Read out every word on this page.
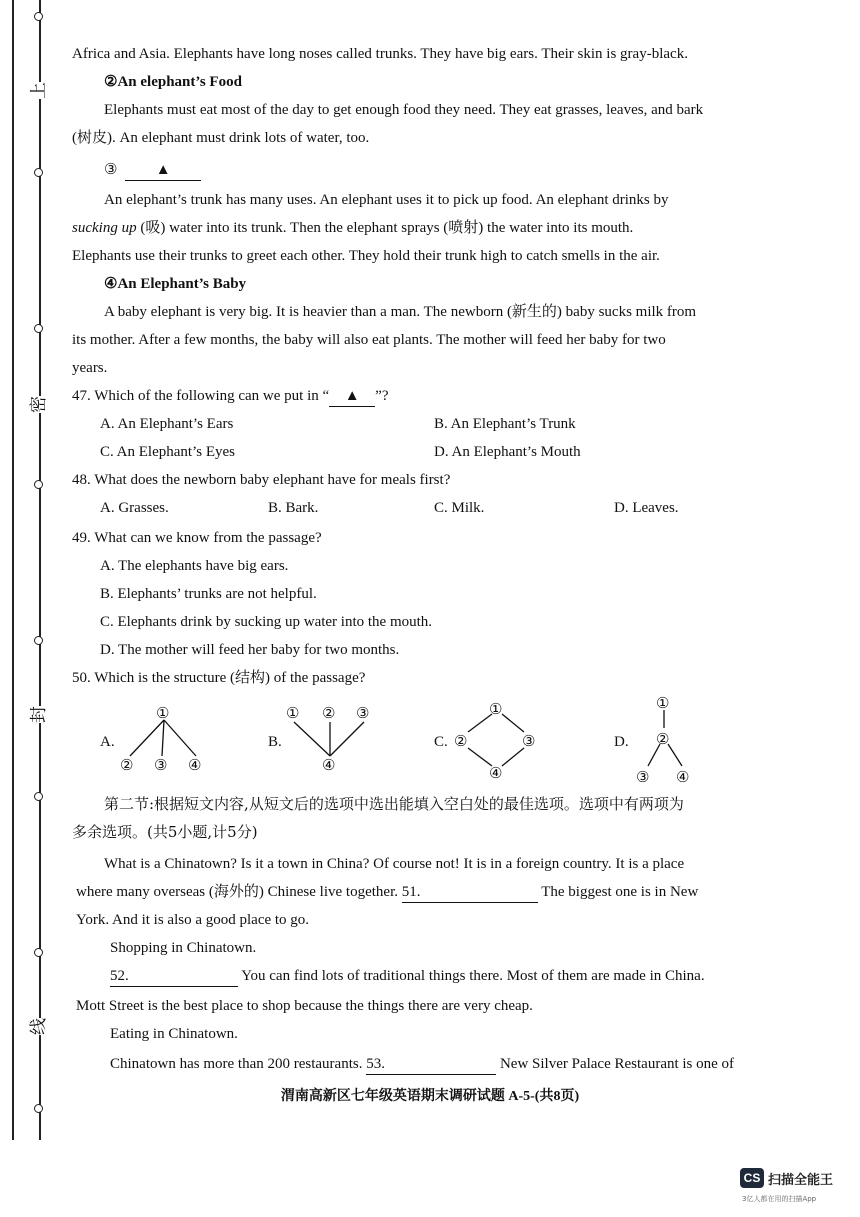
上
密
封
线
Africa and Asia. Elephants have long noses called trunks. They have big ears. Their skin is gray-black.
②An elephant’s Food
Elephants must eat most of the day to get enough food they need. They eat grasses, leaves, and bark
(树皮). An elephant must drink lots of water, too.
③	▲
An elephant’s trunk has many uses. An elephant uses it to pick up food. An elephant drinks by
sucking up (吸) water into its trunk. Then the elephant sprays (喷射) the water into its mouth.
Elephants use their trunks to greet each other. They hold their trunk high to catch smells in the air.
④An Elephant’s Baby
A baby elephant is very big. It is heavier than a man. The newborn (新生的) baby sucks milk from
its mother. After a few months, the baby will also eat plants. The mother will feed her baby for two
years.
47. Which of the following can we put in “ ▲ ”?
A. An Elephant’s Ears	B. An Elephant’s Trunk
C. An Elephant’s Eyes	D. An Elephant’s Mouth
48. What does the newborn baby elephant have for meals first?
A. Grasses.	B. Bark.	C. Milk.	D. Leaves.
49. What can we know from the passage?
A. The elephants have big ears.
B. Elephants’ trunks are not helpful.
C. Elephants drink by sucking up water into the mouth.
D. The mother will feed her baby for two months.
50. Which is the structure (结构) of the passage?
A.
①
② ③ ④
B.
① ② ③
④
C.
①
②	③
④
D.
①
②
③ ④
第二节:根据短文内容,从短文后的选项中选出能填入空白处的最佳选项。选项中有两项为
多余选项。(共5小题,计5分)
What is a Chinatown? Is it a town in China? Of course not! It is in a foreign country. It is a place
where many overseas (海外的) Chinese live together. 51.	The biggest one is in New
York. And it is also a good place to go.
Shopping in Chinatown.
52.	You can find lots of traditional things there. Most of them are made in China.
Mott Street is the best place to shop because the things there are very cheap.
Eating in Chinatown.
Chinatown has more than 200 restaurants. 53.	New Silver Palace Restaurant is one of
渭南高新区七年级英语期末调研试题 A-5-(共8页)
CS 扫描全能王
3亿人都在用的扫描App
